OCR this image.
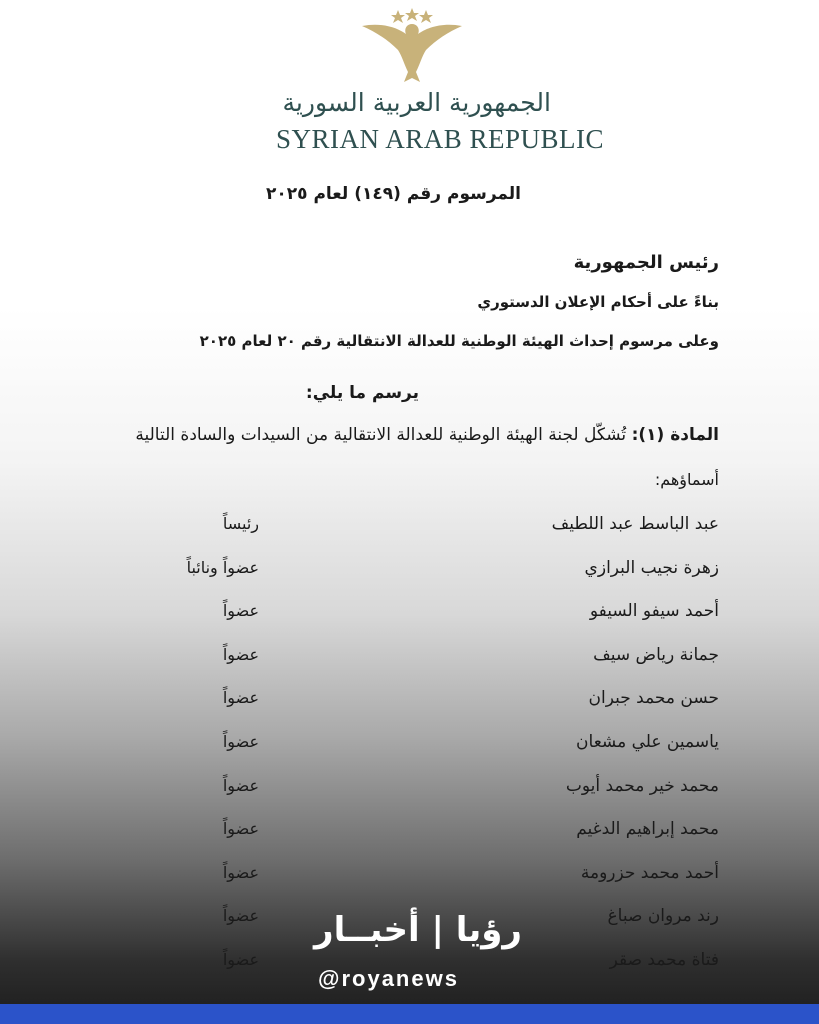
الجمهورية العربية السورية
SYRIAN ARAB REPUBLIC
المرسوم رقم (١٤٩) لعام ٢٠٢٥
رئيس الجمهورية
بناءً على أحكام الإعلان الدستوري
وعلى مرسوم إحداث الهيئة الوطنية للعدالة الانتقالية رقم ٢٠ لعام ٢٠٢٥
يرسم ما يلي:
المادة (١): تُشكّل لجنة الهيئة الوطنية للعدالة الانتقالية من السيدات والسادة التالية
أسماؤهم:
عبد الباسط عبد اللطيف
رئيساً
زهرة نجيب البرازي
عضواً ونائباً
أحمد سيفو السيفو
عضواً
جمانة رياض سيف
عضواً
حسن محمد جبران
عضواً
ياسمين علي مشعان
عضواً
محمد خير محمد أيوب
عضواً
محمد إبراهيم الدغيم
عضواً
أحمد محمد حزرومة
عضواً
رند مروان صباغ
عضواً
فتاة محمد صقر
عضواً
رؤيا | أخبــار
@royanews
